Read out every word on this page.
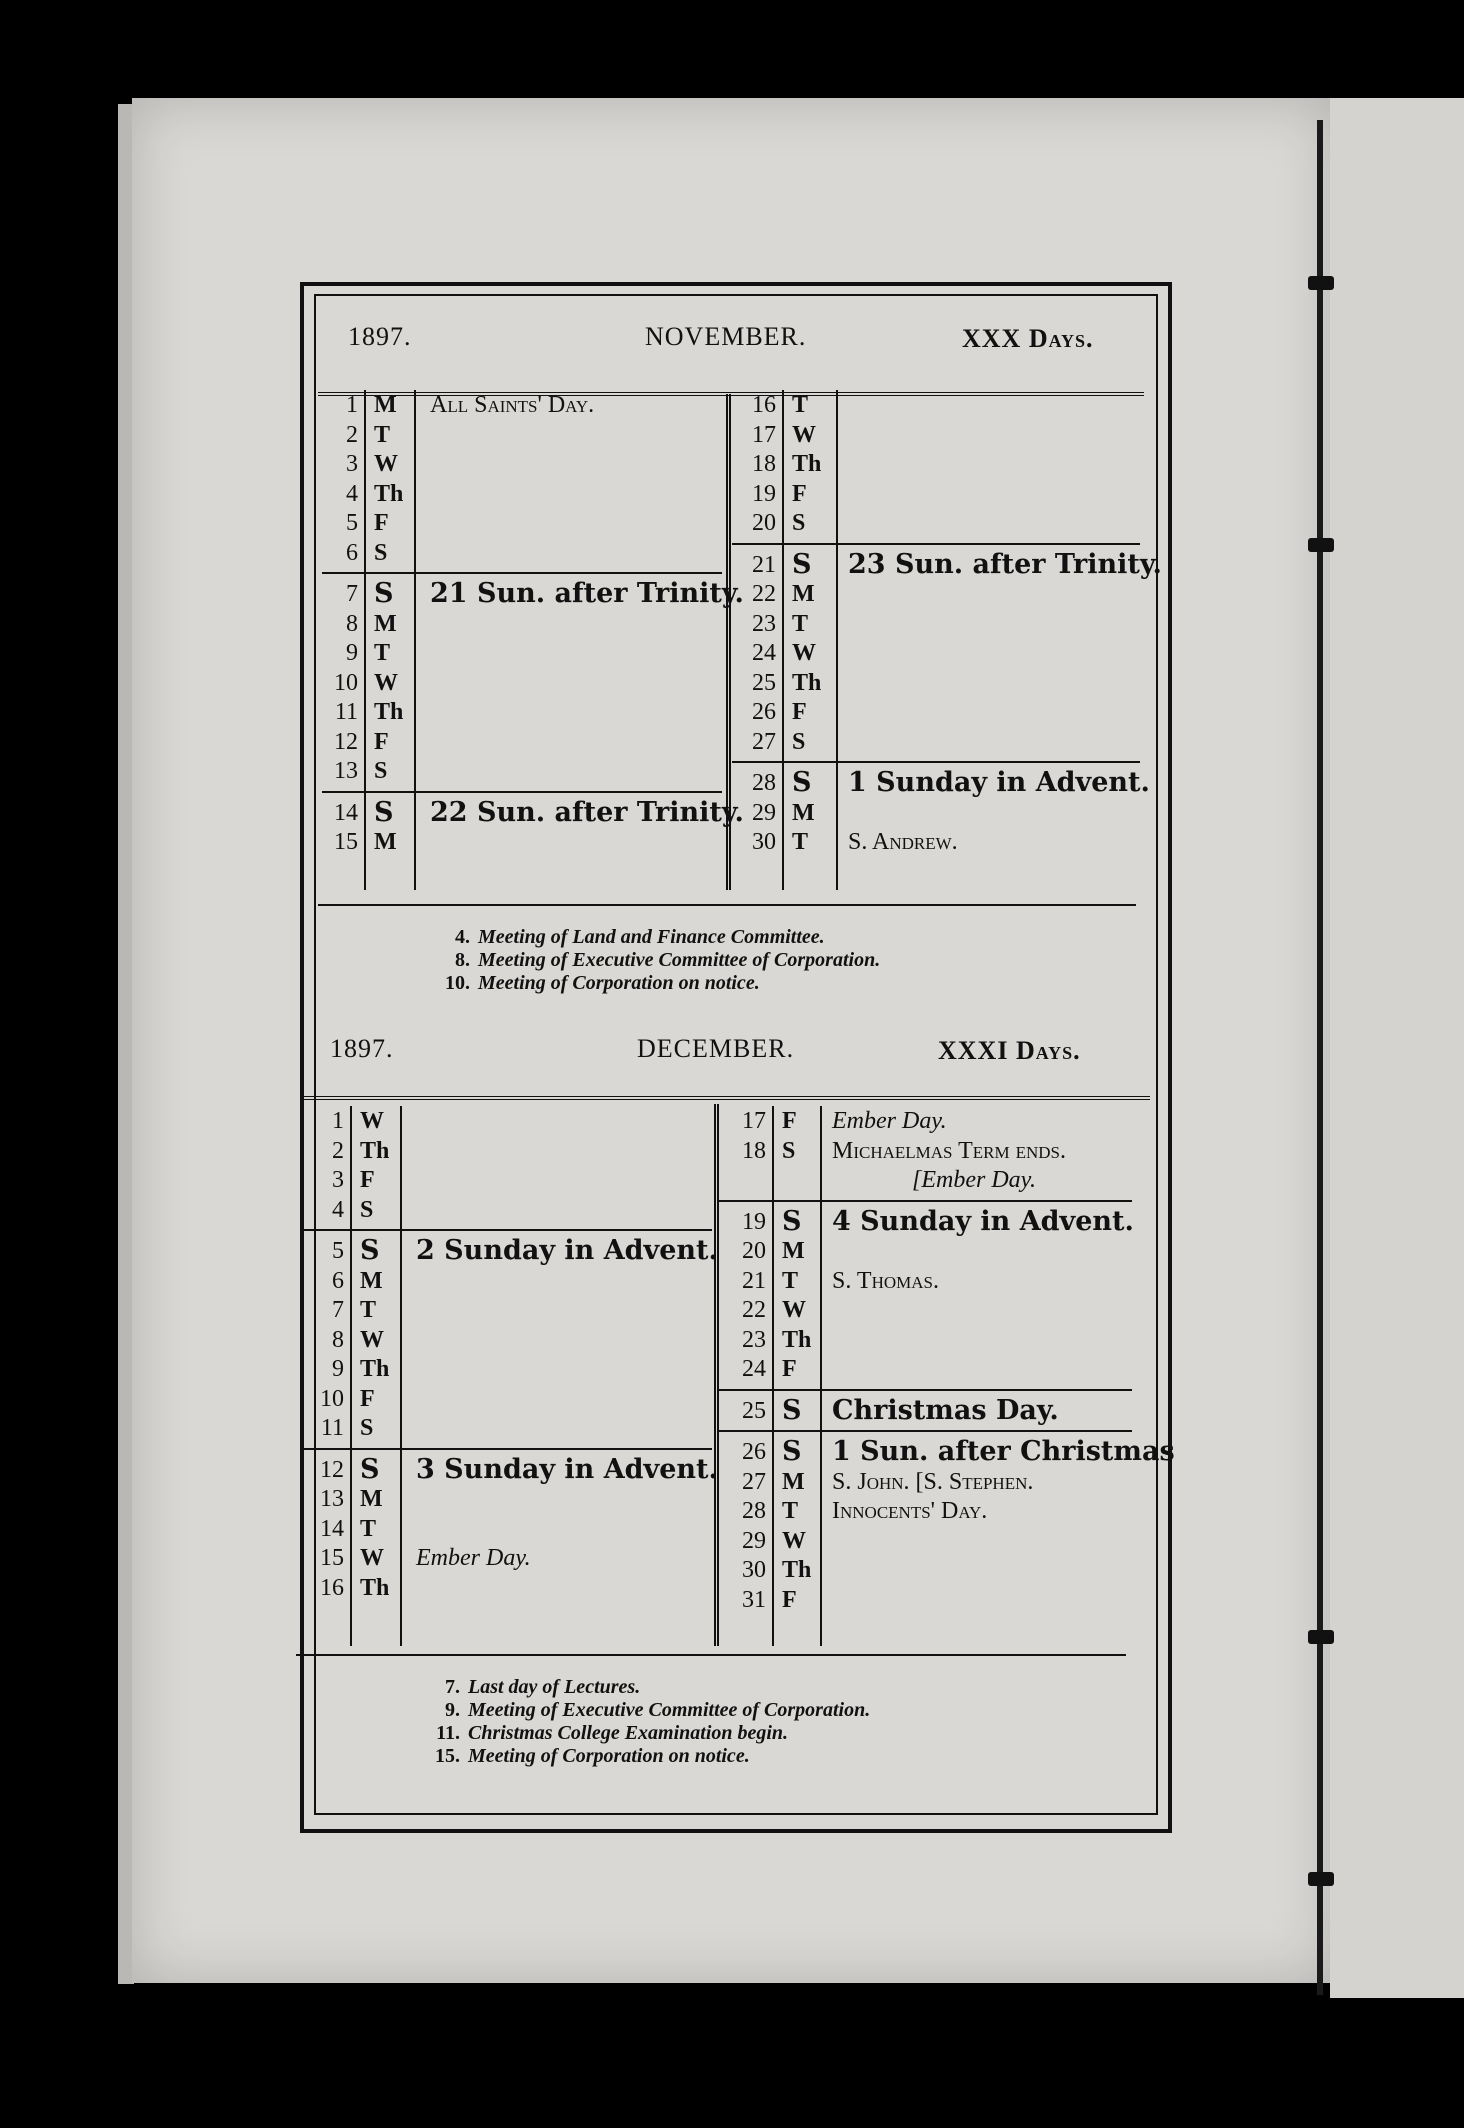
1897.	NOVEMBER.	XXX Days.
1 M All Saints' Day.
2 T
3 W
4 Th
5 F
6 S
7 S 21 Sun. after Trinity.
8 M
9 T
10 W
11 Th
12 F
13 S
14 S 22 Sun. after Trinity.
15 M
16 T
17 W
18 Th
19 F
20 S
21 S 23 Sun. after Trinity.
22 M
23 T
24 W
25 Th
26 F
27 S
28 S 1 Sunday in Advent.
29 M
30 T S. Andrew.
4. Meeting of Land and Finance Committee.
8. Meeting of Executive Committee of Corporation.
10. Meeting of Corporation on notice.
1897.	DECEMBER.	XXXI Days.
1 W
2 Th
3 F
4 S
5 S 2 Sunday in Advent.
6 M
7 T
8 W
9 Th
10 F
11 S
12 S 3 Sunday in Advent.
13 M
14 T
15 W Ember Day.
16 Th
17 F Ember Day.
18 S Michaelmas Term ends.
[Ember Day.
19 S 4 Sunday in Advent.
20 M
21 T S. Thomas.
22 W
23 Th
24 F
25 S Christmas Day.
26 S 1 Sun. after Christmas
27 M S. John. [S. Stephen.
28 T Innocents' Day.
29 W
30 Th
31 F
7. Last day of Lectures.
9. Meeting of Executive Committee of Corporation.
11. Christmas College Examination begin.
15. Meeting of Corporation on notice.
